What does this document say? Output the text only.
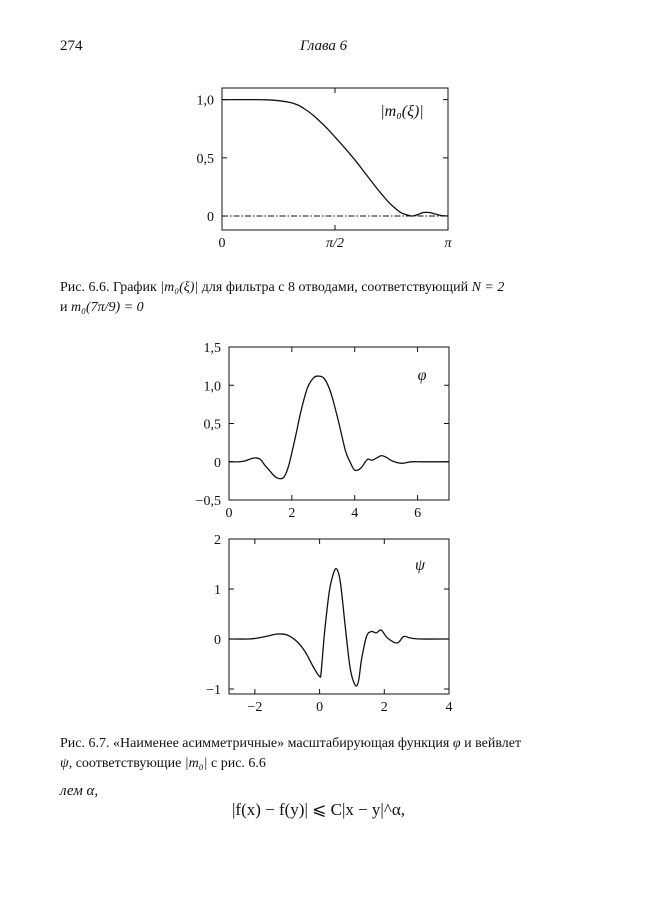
274	Глава 6
0	π/2	π
0
0,5
1,0
|m₀(ξ)|
Рис. 6.6. График |m₀(ξ)| для фильтра с 8 отводами, соответствующий N = 2
и m₀(7π/9) = 0
0	2	4	6
−0,5
0
0,5
1,0
1,5
φ
−2	0	2	4
−1
0
1
2
ψ
Рис. 6.7. «Наименее асимметричные» масштабирующая функция φ и вейвлет
ψ, соответствующие |m₀| с рис. 6.6
лем α,
|f(x) − f(y)| ⩽ C|x − y|^α,
